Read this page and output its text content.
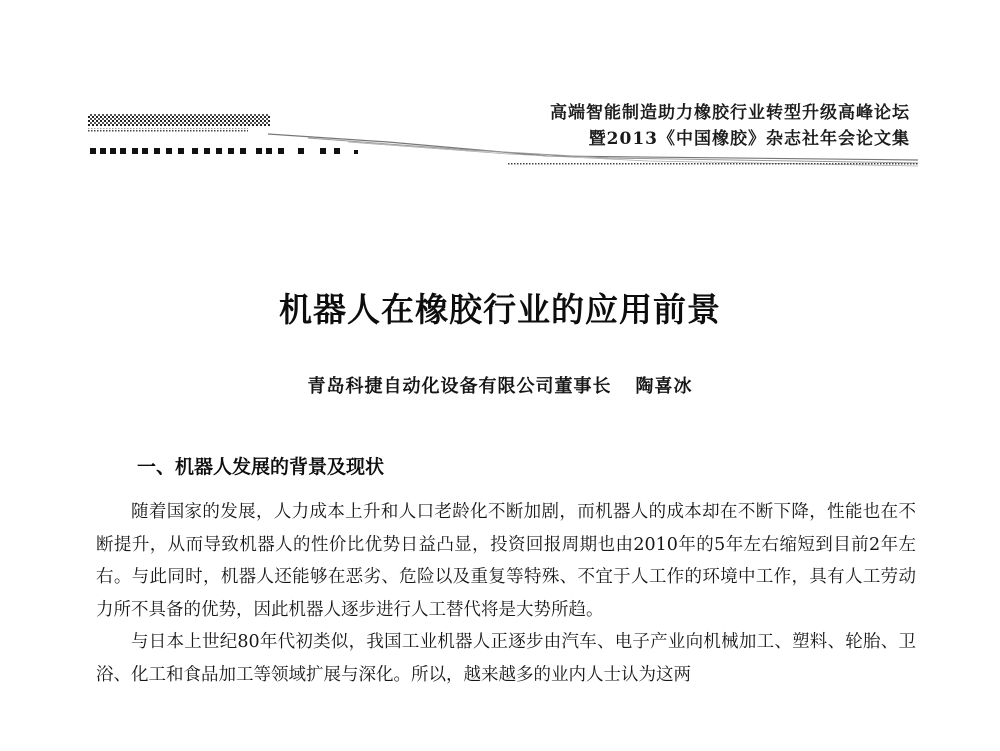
高端智能制造助力橡胶行业转型升级高峰论坛
暨2013《中国橡胶》杂志社年会论文集
机器人在橡胶行业的应用前景
青岛科捷自动化设备有限公司董事长 陶喜冰
一、机器人发展的背景及现状

随着国家的发展，人力成本上升和人口老龄化不断加剧，而机器人的成本却在不断下降，性能也在不断提升，从而导致机器人的性价比优势日益凸显，投资回报周期也由2010年的5年左右缩短到目前2年左右。与此同时，机器人还能够在恶劣、危险以及重复等特殊、不宜于人工作的环境中工作，具有人工劳动力所不具备的优势，因此机器人逐步进行人工替代将是大势所趋。

与日本上世纪80年代初类似，我国工业机器人正逐步由汽车、电子产业向机械加工、塑料、轮胎、卫浴、化工和食品加工等领域扩展与深化。所以，越来越多的业内人士认为这两
